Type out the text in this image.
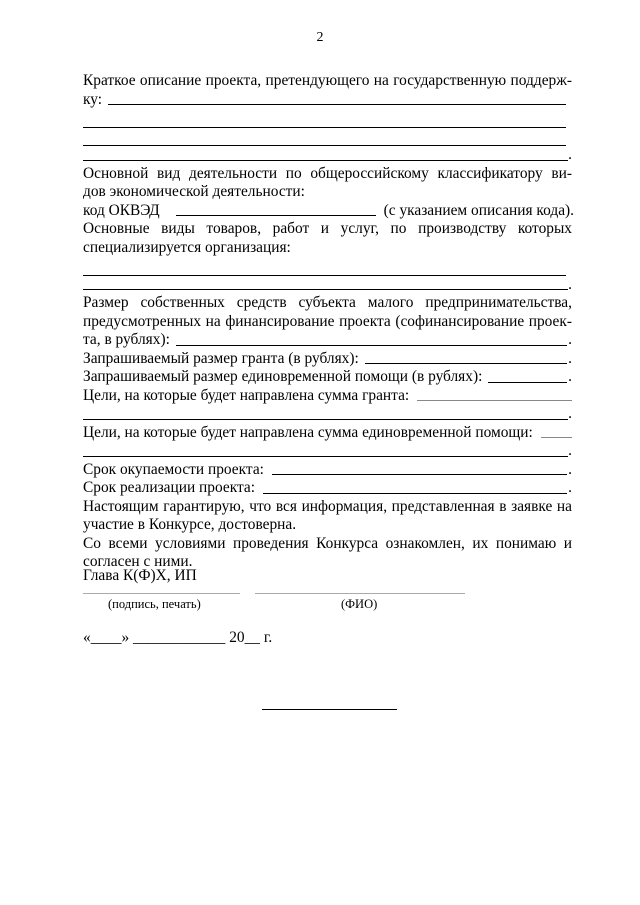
2
Краткое описание проекта, претендующего на государственную поддерж-
ку:
.
Основной вид деятельности по общероссийскому классификатору ви-
дов экономической деятельности:
код ОКВЭД	(с указанием описания кода).
Основные виды товаров, работ и услуг, по производству которых
специализируется организация:
.
Размер собственных средств субъекта малого предпринимательства,
предусмотренных на финансирование проекта (софинансирование проек-
та, в рублях):	.
Запрашиваемый размер гранта (в рублях):	.
Запрашиваемый размер единовременной помощи (в рублях):	.
Цели, на которые будет направлена сумма гранта:
.
Цели, на которые будет направлена сумма единовременной помощи:
.
Срок окупаемости проекта:	.
Срок реализации проекта:	.
Настоящим гарантирую, что вся информация, представленная в заявке на
участие в Конкурсе, достоверна.
Со всеми условиями проведения Конкурса ознакомлен, их понимаю и
согласен с ними.
Глава К(Ф)Х, ИП
(подпись, печать)	(ФИО)
«____» ____________ 20__ г.
